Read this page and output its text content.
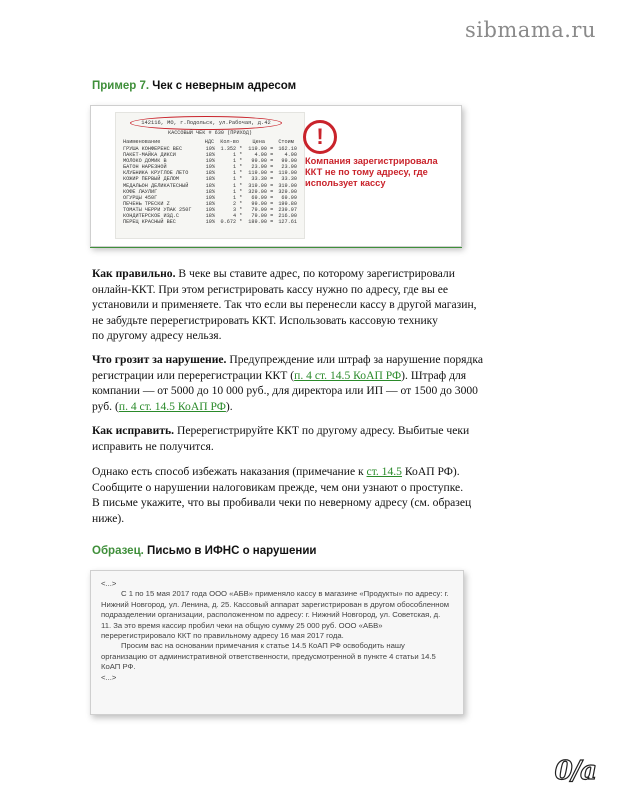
sibmama.ru
Пример 7. Чек с неверным адресом
142116, МО, г.Подольск, ул.Рабочая, д.42
КАССОВЫЙ ЧЕК # 630 (ПРИХОД)
Наименование	НДС	Кол-во	Цена	Стоим
ГРУША КОНФЕРЕНС ВЕС	10%	1.352 *	119.90 =	162.10
ПАКЕТ-МАЙКА ДИКСИ	18%	1 *	4.90 =	4.90
МОЛОКО ДОМИК В	10%	1 *	99.90 =	99.90
БАТОН НАРЕЗНОЙ	10%	1 *	23.90 =	23.90
КЛУБНИКА КРУГЛОЕ ЛЕТО	18%	1 *	119.00 =	119.00
КОЖИР ПЕРВЫЙ ДЕЛОМ	18%	1 *	33.30 =	33.30
МЕДАЛЬОН ДЕЛИКАТЕСНЫЙ	18%	1 *	319.00 =	319.00
КОФЕ ЛАУЛИГ	18%	1 *	329.00 =	329.00
ОГУРЦЫ 450Г	10%	1 *	69.99 =	69.99
ПЕЧЕНЬ ТРЕСКИ Z	18%	2 *	99.90 =	199.80
ТОМАТЫ ЧЕРРИ УПАК 250Г	10%	3 *	79.99 =	239.97
КОНДИТЕРСКОЕ ИЗД.С	18%	4 *	79.00 =	216.00
ПЕРЕЦ КРАСНЫЙ ВЕС	10%	0.672 *	189.90 =	127.61
!
Компания зарегистрировала ККТ не по тому адресу, где использует кассу
Как правильно. В чеке вы ставите адрес, по которому зарегистрировали
онлайн-ККТ. При этом регистрировать кассу нужно по адресу, где вы ее
установили и применяете. Так что если вы перенесли кассу в другой магазин,
не забудьте перерегистрировать ККТ. Использовать кассовую технику
по другому адресу нельзя.
Что грозит за нарушение. Предупреждение или штраф за нарушение порядка
регистрации или перерегистрации ККТ (п. 4 ст. 14.5 КоАП РФ). Штраф для
компании — от 5000 до 10 000 руб., для директора или ИП — от 1500 до 3000
руб. (п. 4 ст. 14.5 КоАП РФ).
Как исправить. Перерегистрируйте ККТ по другому адресу. Выбитые чеки
исправить не получится.
Однако есть способ избежать наказания (примечание к ст. 14.5 КоАП РФ).
Сообщите о нарушении налоговикам прежде, чем они узнают о проступке.
В письме укажите, что вы пробивали чеки по неверному адресу (см. образец
ниже).
Образец. Письмо в ИФНС о нарушении

<...>

С 1 по 15 мая 2017 года ООО «АБВ» применяло кассу в магазине «Продукты» по адресу: г. Нижний Новгород, ул. Ленина, д. 25. Кассовый аппарат зарегистрирован в другом обособленном подразделении организации, расположенном по адресу: г. Нижний Новгород, ул. Советская, д. 11. За это время кассир пробил чеки на общую сумму 25 000 руб. ООО «АБВ» перерегистрировало ККТ по правильному адресу 16 мая 2017 года.

Просим вас на основании примечания к статье 14.5 КоАП РФ освободить нашу организацию от административной ответственности, предусмотренной в пункте 4 статьи 14.5 КоАП РФ.

<...>

0/a
